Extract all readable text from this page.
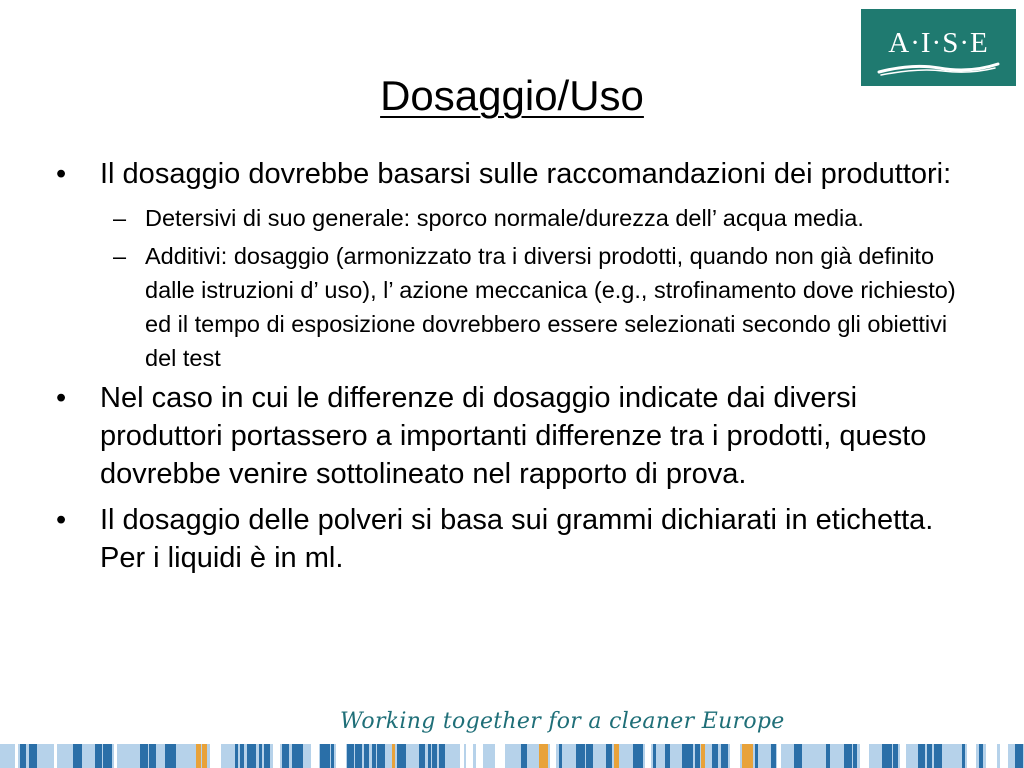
A·I·S·E
Dosaggio/Uso
• Il dosaggio dovrebbe basarsi sulle raccomandazioni dei produttori:
– Detersivi di suo generale: sporco normale/durezza dell’ acqua media.
– Additivi: dosaggio (armonizzato tra i diversi prodotti, quando non già definito dalle istruzioni d’ uso), l’ azione meccanica (e.g., strofinamento dove richiesto) ed il tempo di esposizione dovrebbero essere selezionati secondo gli obiettivi del test
• Nel caso in cui le differenze di dosaggio indicate dai diversi produttori portassero a importanti differenze tra i prodotti, questo dovrebbe venire sottolineato nel rapporto di prova.
• Il dosaggio delle polveri si basa sui grammi dichiarati in etichetta. Per i liquidi è in ml.
Working together for a cleaner Europe
